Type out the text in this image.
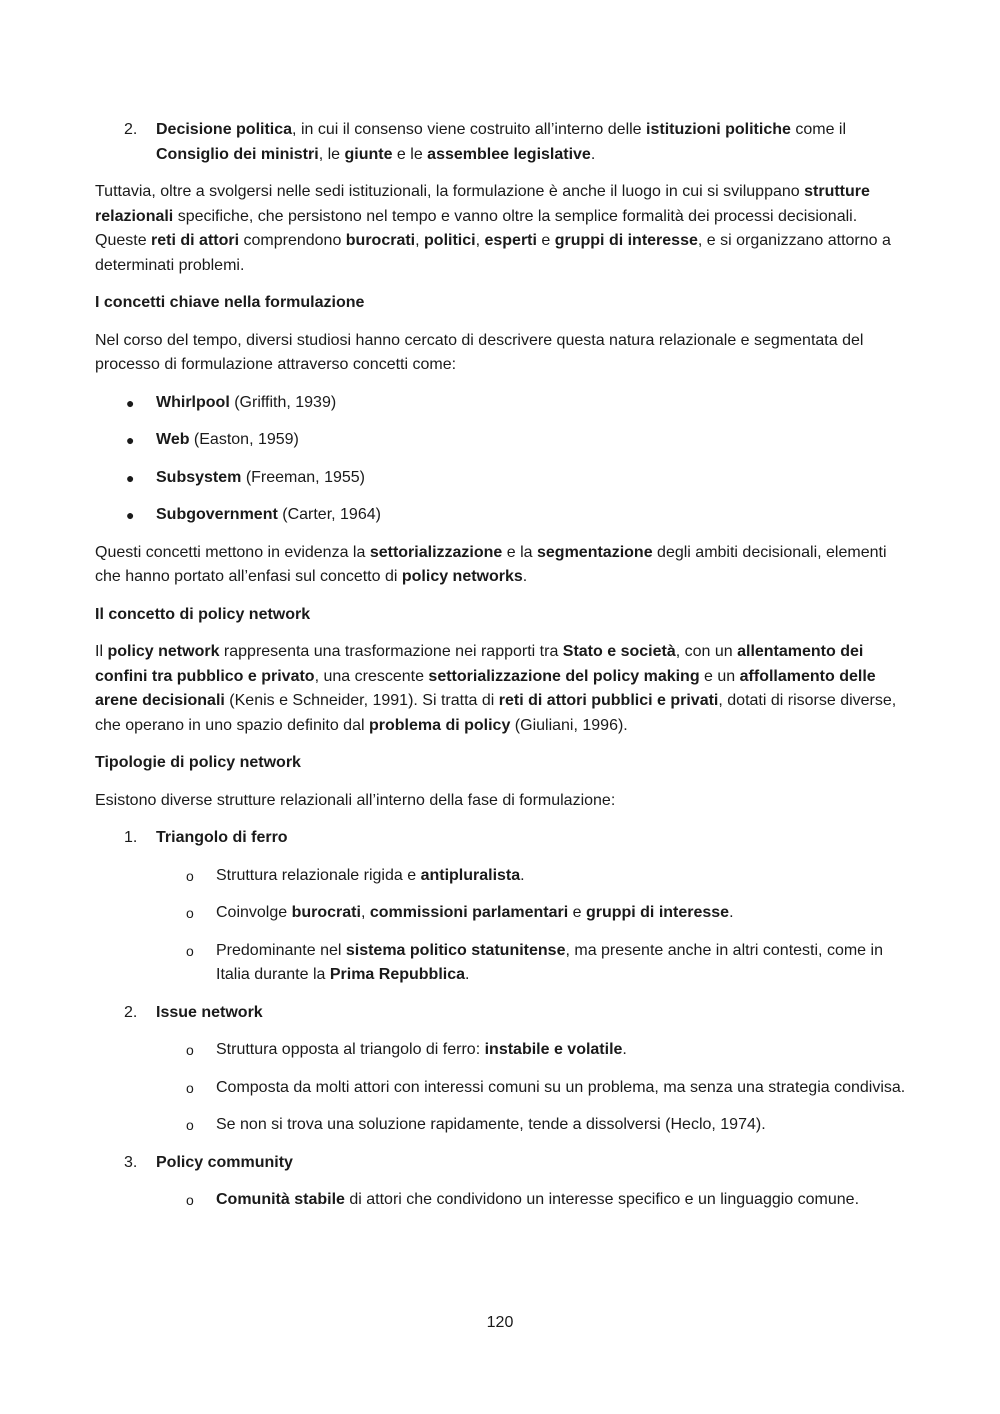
2. Decisione politica, in cui il consenso viene costruito all’interno delle istituzioni politiche come il Consiglio dei ministri, le giunte e le assemblee legislative.

Tuttavia, oltre a svolgersi nelle sedi istituzionali, la formulazione è anche il luogo in cui si sviluppano strutture relazionali specifiche, che persistono nel tempo e vanno oltre la semplice formalità dei processi decisionali. Queste reti di attori comprendono burocrati, politici, esperti e gruppi di interesse, e si organizzano attorno a determinati problemi.

I concetti chiave nella formulazione

Nel corso del tempo, diversi studiosi hanno cercato di descrivere questa natura relazionale e segmentata del processo di formulazione attraverso concetti come:

● Whirlpool (Griffith, 1939)

● Web (Easton, 1959)

● Subsystem (Freeman, 1955)

● Subgovernment (Carter, 1964)

Questi concetti mettono in evidenza la settorializzazione e la segmentazione degli ambiti decisionali, elementi che hanno portato all’enfasi sul concetto di policy networks.

Il concetto di policy network

Il policy network rappresenta una trasformazione nei rapporti tra Stato e società, con un allentamento dei confini tra pubblico e privato, una crescente settorializzazione del policy making e un affollamento delle arene decisionali (Kenis e Schneider, 1991). Si tratta di reti di attori pubblici e privati, dotati di risorse diverse, che operano in uno spazio definito dal problema di policy (Giuliani, 1996).

Tipologie di policy network

Esistono diverse strutture relazionali all’interno della fase di formulazione:

1. Triangolo di ferro

o Struttura relazionale rigida e antipluralista.

o Coinvolge burocrati, commissioni parlamentari e gruppi di interesse.

o Predominante nel sistema politico statunitense, ma presente anche in altri contesti, come in Italia durante la Prima Repubblica.

2. Issue network

o Struttura opposta al triangolo di ferro: instabile e volatile.

o Composta da molti attori con interessi comuni su un problema, ma senza una strategia condivisa.

o Se non si trova una soluzione rapidamente, tende a dissolversi (Heclo, 1974).

3. Policy community

o Comunità stabile di attori che condividono un interesse specifico e un linguaggio comune.

120
